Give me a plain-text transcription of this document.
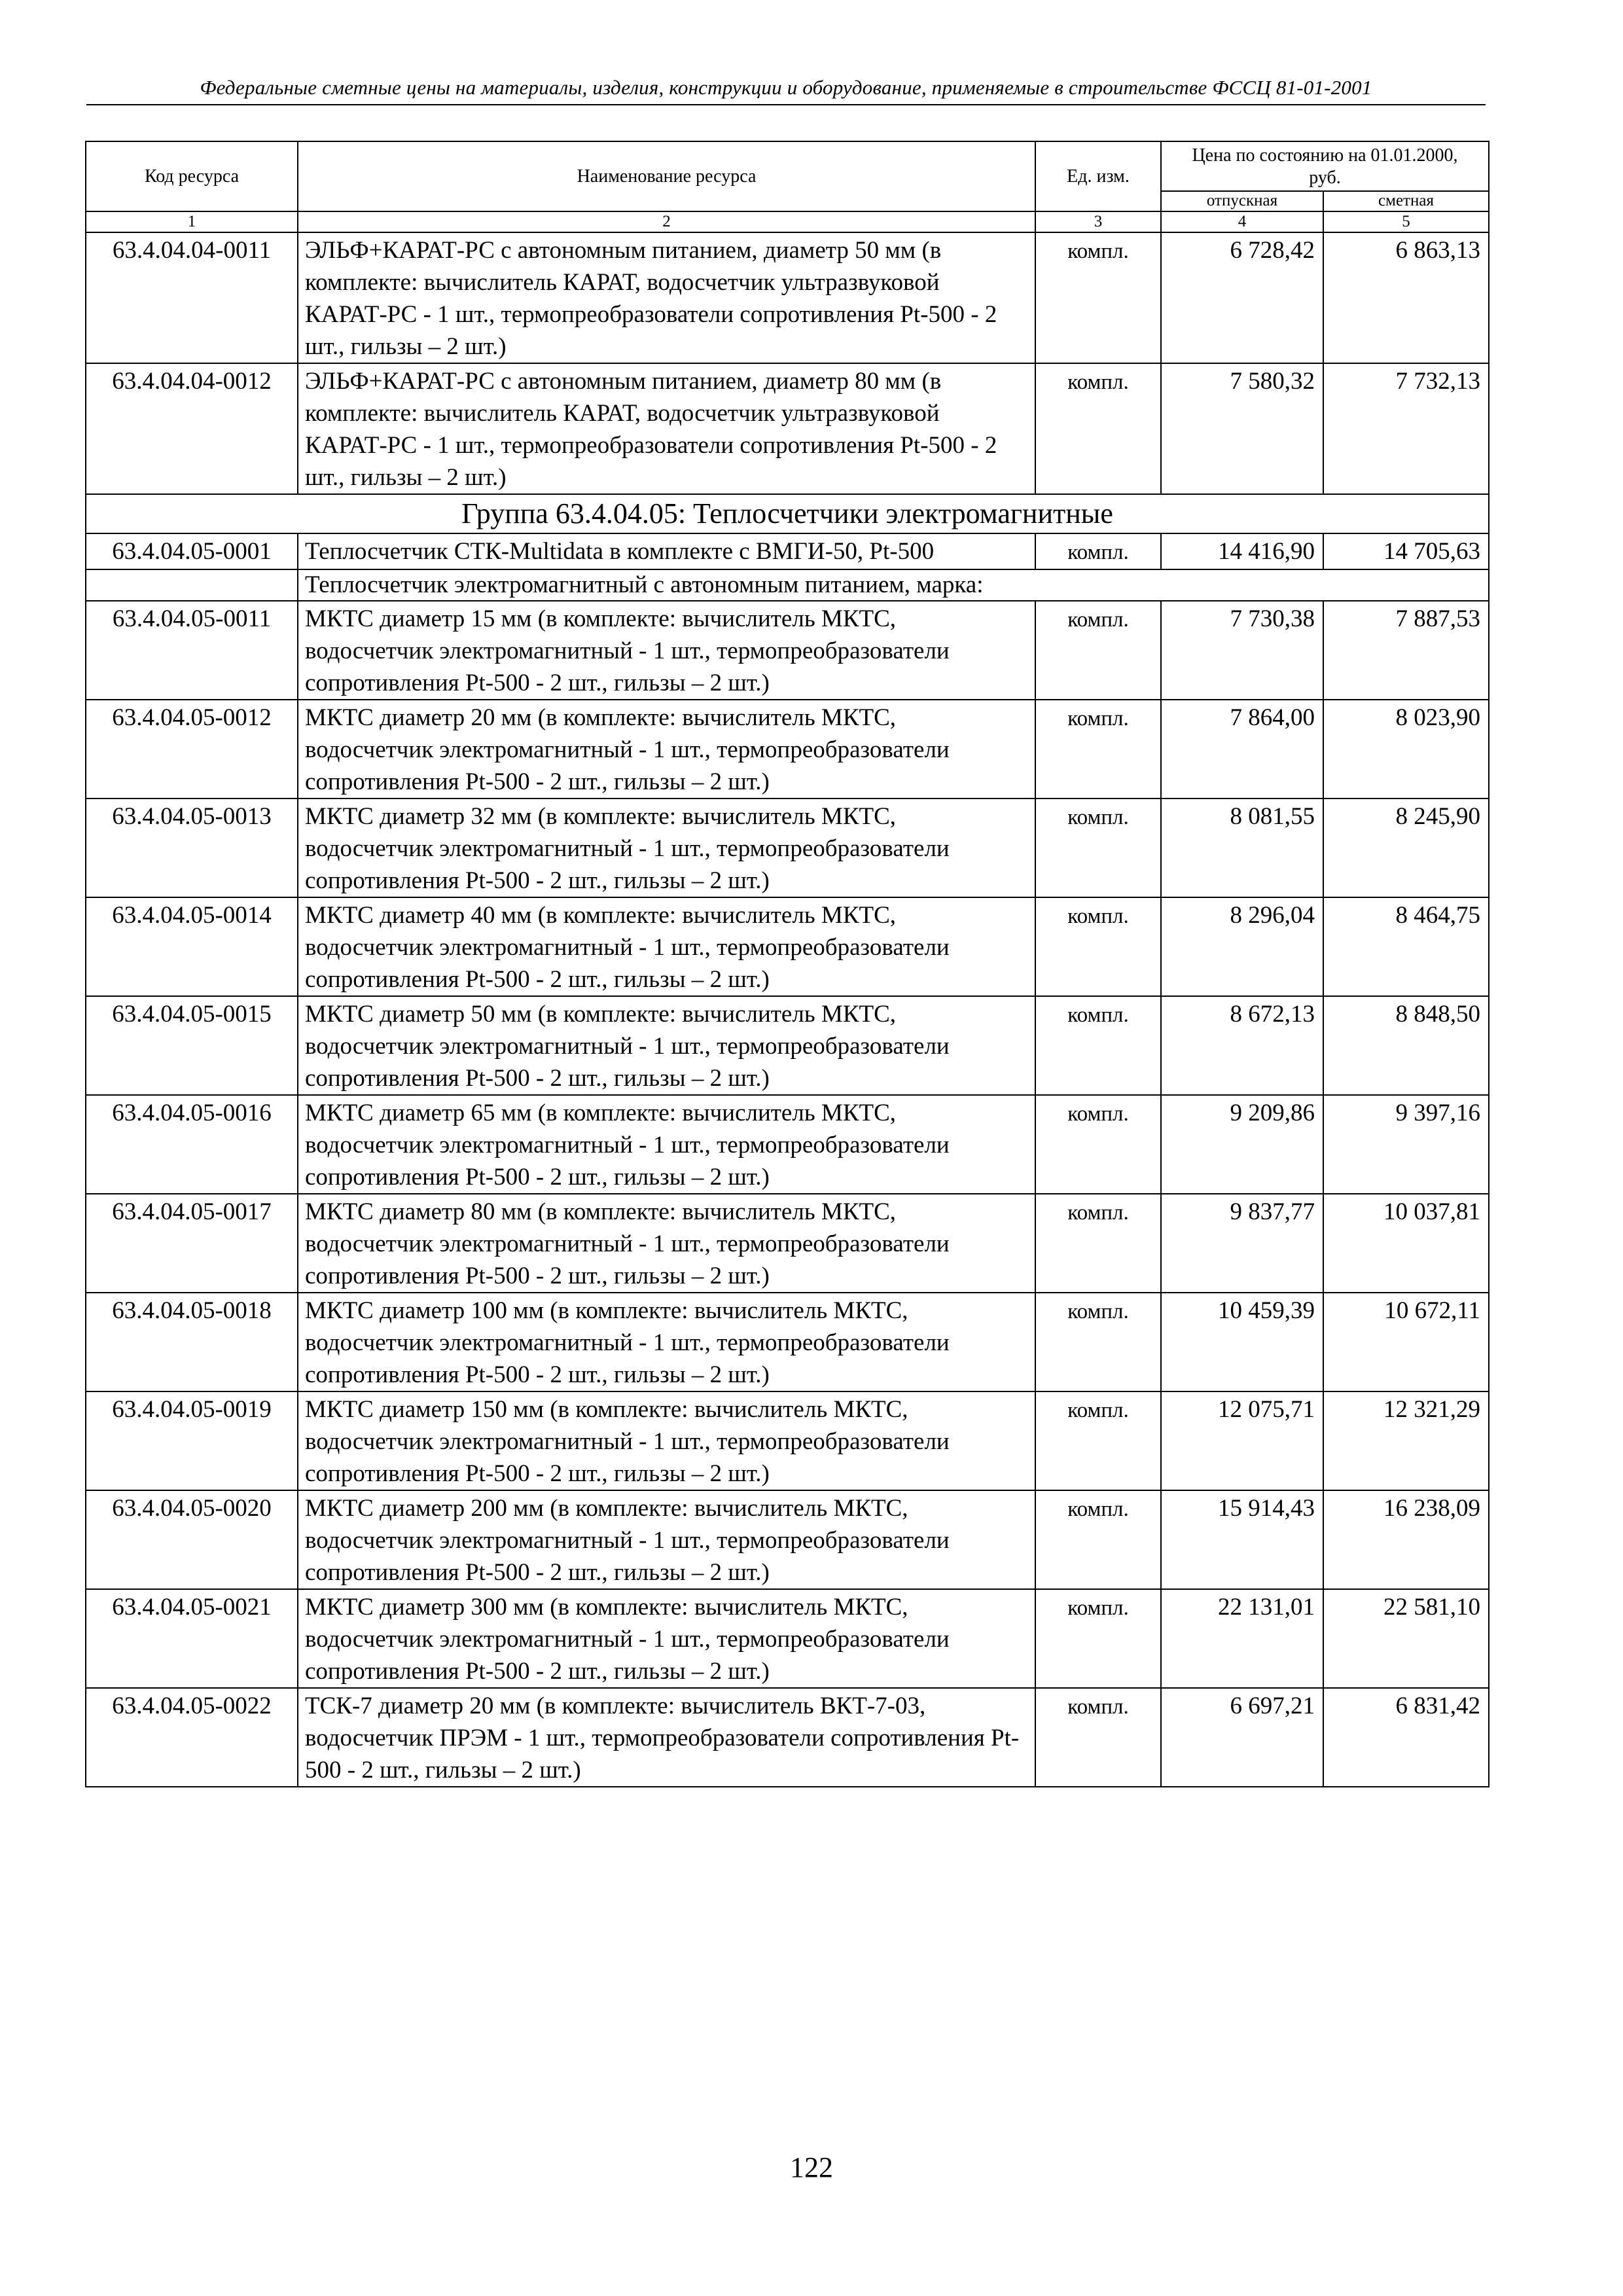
Федеральные сметные цены на материалы, изделия, конструкции и оборудование, применяемые в строительстве ФССЦ 81-01-2001
Код ресурса	Наименование ресурса	Ед. изм.	Цена по состоянию на 01.01.2000, руб.	
			отпускная	сметная
1	2	3	4	5
63.4.04.04-0011	ЭЛЬФ+КАРАТ-РС с автономным питанием, диаметр 50 мм (в комплекте: вычислитель КАРАТ, водосчетчик ультразвуковой КАРАТ-РС - 1 шт., термопреобразователи сопротивления Pt-500 - 2 шт., гильзы – 2 шт.)	компл.	6 728,42	6 863,13
63.4.04.04-0012	ЭЛЬФ+КАРАТ-РС с автономным питанием, диаметр 80 мм (в комплекте: вычислитель КАРАТ, водосчетчик ультразвуковой КАРАТ-РС - 1 шт., термопреобразователи сопротивления Pt-500 - 2 шт., гильзы – 2 шт.)	компл.	7 580,32	7 732,13
Группа 63.4.04.05: Теплосчетчики электромагнитные				
63.4.04.05-0001	Теплосчетчик СТК-Multidata в комплекте с ВМГИ-50, Pt-500	компл.	14 416,90	14 705,63
	Теплосчетчик электромагнитный с автономным питанием, марка:			
63.4.04.05-0011	МКТС диаметр 15 мм (в комплекте: вычислитель МКТС, водосчетчик электромагнитный - 1 шт., термопреобразователи сопротивления Pt-500 - 2 шт., гильзы – 2 шт.)	компл.	7 730,38	7 887,53
63.4.04.05-0012	МКТС диаметр 20 мм (в комплекте: вычислитель МКТС, водосчетчик электромагнитный - 1 шт., термопреобразователи сопротивления Pt-500 - 2 шт., гильзы – 2 шт.)	компл.	7 864,00	8 023,90
63.4.04.05-0013	МКТС диаметр 32 мм (в комплекте: вычислитель МКТС, водосчетчик электромагнитный - 1 шт., термопреобразователи сопротивления Pt-500 - 2 шт., гильзы – 2 шт.)	компл.	8 081,55	8 245,90
63.4.04.05-0014	МКТС диаметр 40 мм (в комплекте: вычислитель МКТС, водосчетчик электромагнитный - 1 шт., термопреобразователи сопротивления Pt-500 - 2 шт., гильзы – 2 шт.)	компл.	8 296,04	8 464,75
63.4.04.05-0015	МКТС диаметр 50 мм (в комплекте: вычислитель МКТС, водосчетчик электромагнитный - 1 шт., термопреобразователи сопротивления Pt-500 - 2 шт., гильзы – 2 шт.)	компл.	8 672,13	8 848,50
63.4.04.05-0016	МКТС диаметр 65 мм (в комплекте: вычислитель МКТС, водосчетчик электромагнитный - 1 шт., термопреобразователи сопротивления Pt-500 - 2 шт., гильзы – 2 шт.)	компл.	9 209,86	9 397,16
63.4.04.05-0017	МКТС диаметр 80 мм (в комплекте: вычислитель МКТС, водосчетчик электромагнитный - 1 шт., термопреобразователи сопротивления Pt-500 - 2 шт., гильзы – 2 шт.)	компл.	9 837,77	10 037,81
63.4.04.05-0018	МКТС диаметр 100 мм (в комплекте: вычислитель МКТС, водосчетчик электромагнитный - 1 шт., термопреобразователи сопротивления Pt-500 - 2 шт., гильзы – 2 шт.)	компл.	10 459,39	10 672,11
63.4.04.05-0019	МКТС диаметр 150 мм (в комплекте: вычислитель МКТС, водосчетчик электромагнитный - 1 шт., термопреобразователи сопротивления Pt-500 - 2 шт., гильзы – 2 шт.)	компл.	12 075,71	12 321,29
63.4.04.05-0020	МКТС диаметр 200 мм (в комплекте: вычислитель МКТС, водосчетчик электромагнитный - 1 шт., термопреобразователи сопротивления Pt-500 - 2 шт., гильзы – 2 шт.)	компл.	15 914,43	16 238,09
63.4.04.05-0021	МКТС диаметр 300 мм (в комплекте: вычислитель МКТС, водосчетчик электромагнитный - 1 шт., термопреобразователи сопротивления Pt-500 - 2 шт., гильзы – 2 шт.)	компл.	22 131,01	22 581,10
63.4.04.05-0022	ТСК-7 диаметр 20 мм (в комплекте: вычислитель ВКТ-7-03, водосчетчик ПРЭМ - 1 шт., термопреобразователи сопротивления Pt-500 - 2 шт., гильзы – 2 шт.)	компл.	6 697,21	6 831,42
122
